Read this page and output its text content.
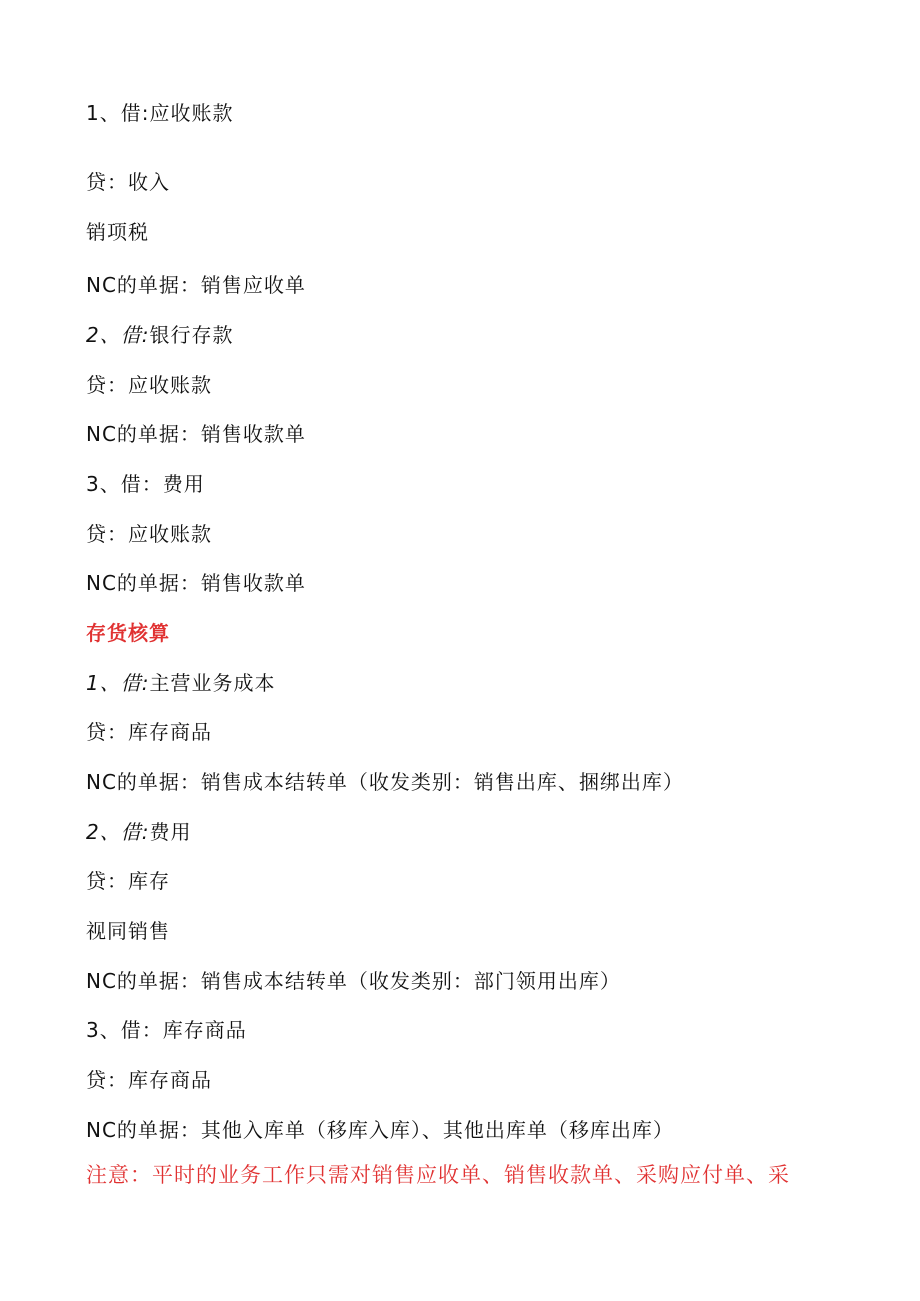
1、借:应收账款
贷：收入
销项税
NC的单据：销售应收单
2、借:银行存款
贷：应收账款
NC的单据：销售收款单
3、借：费用
贷：应收账款
NC的单据：销售收款单
存货核算
1、借:主营业务成本
贷：库存商品
NC的单据：销售成本结转单（收发类别：销售出库、捆绑出库）
2、借:费用
贷：库存
视同销售
NC的单据：销售成本结转单（收发类别：部门领用出库）
3、借：库存商品
贷：库存商品
NC的单据：其他入库单（移库入库）、其他出库单（移库出库）
注意：平时的业务工作只需对销售应收单、销售收款单、采购应付单、采
